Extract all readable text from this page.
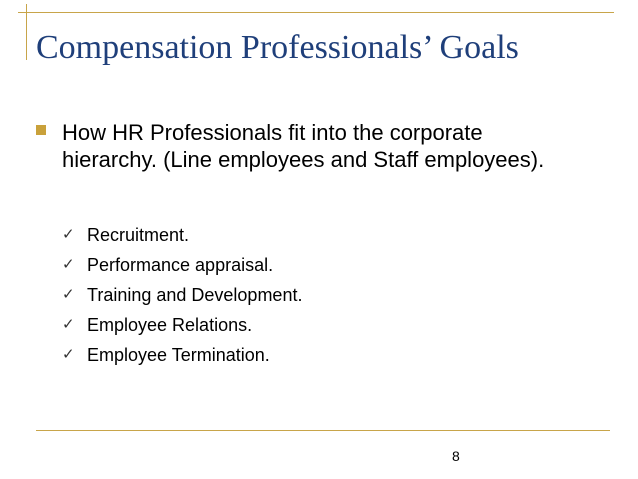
Compensation Professionals’ Goals
How HR Professionals fit into the corporate hierarchy. (Line employees and Staff employees).
✓ Recruitment.
✓ Performance appraisal.
✓ Training and Development.
✓ Employee Relations.
✓ Employee Termination.
8
